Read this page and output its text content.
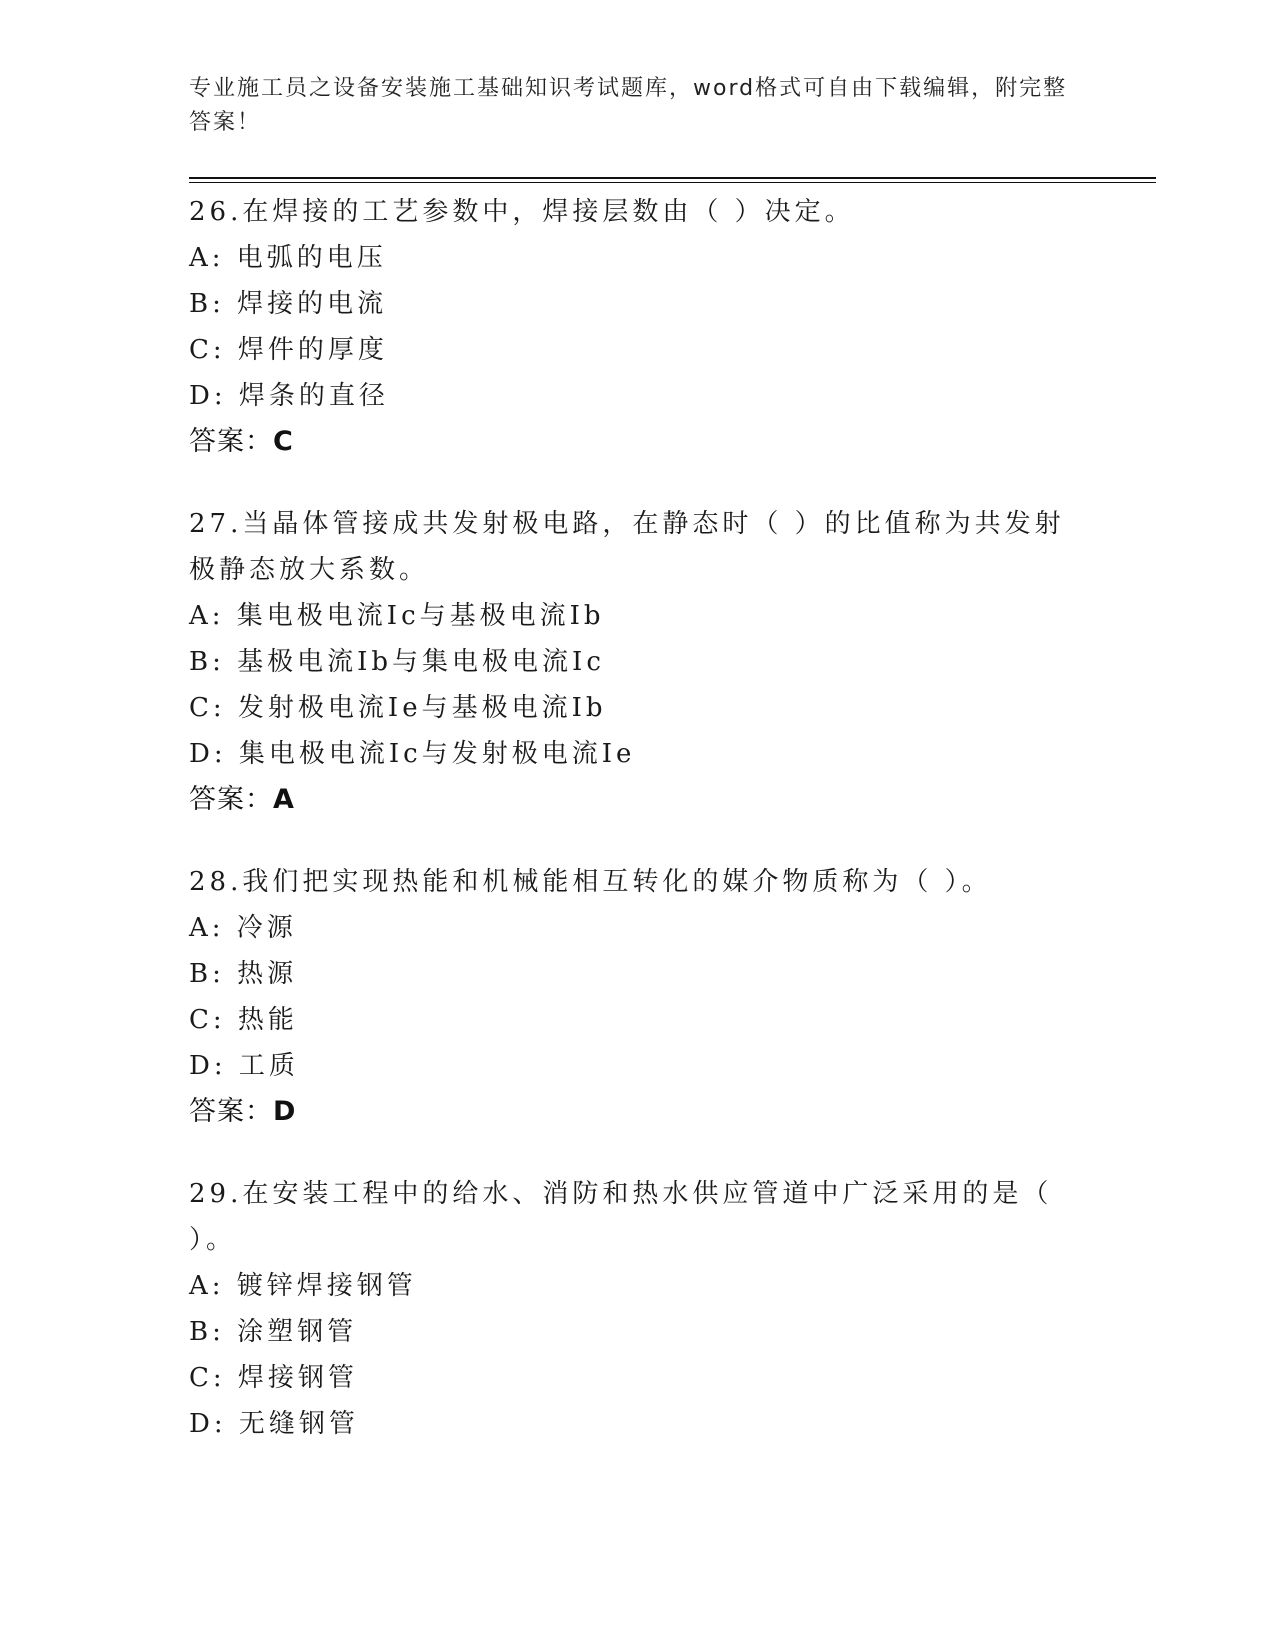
专业施工员之设备安装施工基础知识考试题库，word格式可自由下载编辑，附完整答案！
26.在焊接的工艺参数中，焊接层数由（ ）决定。
A: 电弧的电压
B: 焊接的电流
C: 焊件的厚度
D: 焊条的直径
答案：C
27.当晶体管接成共发射极电路，在静态时（ ）的比值称为共发射极静态放大系数。
A: 集电极电流Ic与基极电流Ib
B: 基极电流Ib与集电极电流Ic
C: 发射极电流Ie与基极电流Ib
D: 集电极电流Ic与发射极电流Ie
答案：A
28.我们把实现热能和机械能相互转化的媒介物质称为（ ）。
A: 冷源
B: 热源
C: 热能
D: 工质
答案：D
29.在安装工程中的给水、消防和热水供应管道中广泛采用的是（ ）。
A: 镀锌焊接钢管
B: 涂塑钢管
C: 焊接钢管
D: 无缝钢管
